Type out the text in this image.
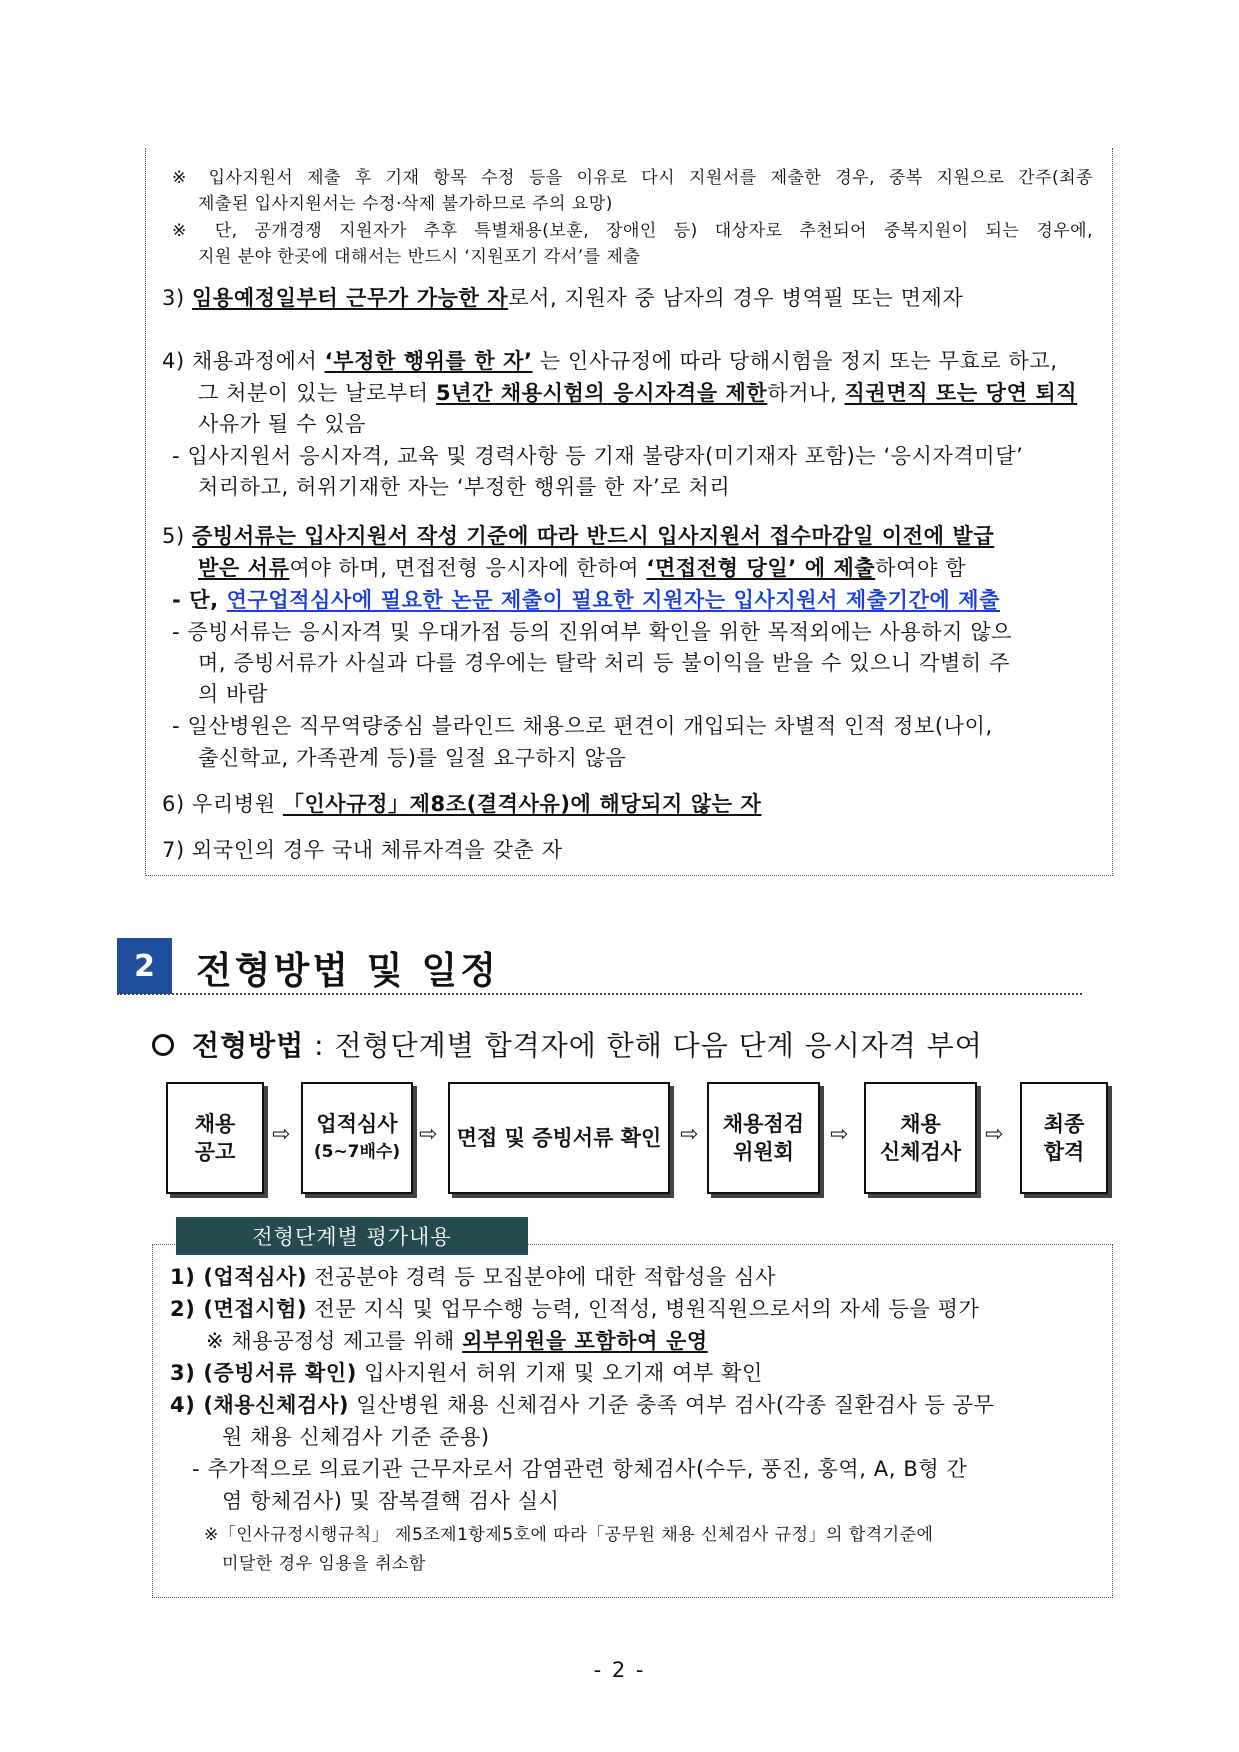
※ 입사지원서 제출 후 기재 항목 수정 등을 이유로 다시 지원서를 제출한 경우, 중복 지원으로 간주(최종
제출된 입사지원서는 수정·삭제 불가하므로 주의 요망)
※ 단, 공개경쟁 지원자가 추후 특별채용(보훈, 장애인 등) 대상자로 추천되어 중복지원이 되는 경우에,
지원 분야 한곳에 대해서는 반드시 ‘지원포기 각서’를 제출
3) 임용예정일부터 근무가 가능한 자로서, 지원자 중 남자의 경우 병역필 또는 면제자
4) 채용과정에서 ‘부정한 행위를 한 자’ 는 인사규정에 따라 당해시험을 정지 또는 무효로 하고,
그 처분이 있는 날로부터 5년간 채용시험의 응시자격을 제한하거나, 직권면직 또는 당연 퇴직
사유가 될 수 있음
- 입사지원서 응시자격, 교육 및 경력사항 등 기재 불량자(미기재자 포함)는 ‘응시자격미달’
처리하고, 허위기재한 자는 ‘부정한 행위를 한 자’로 처리
5) 증빙서류는 입사지원서 작성 기준에 따라 반드시 입사지원서 접수마감일 이전에 발급
받은 서류여야 하며, 면접전형 응시자에 한하여 ‘면접전형 당일’ 에 제출하여야 함
- 단, 연구업적심사에 필요한 논문 제출이 필요한 지원자는 입사지원서 제출기간에 제출
- 증빙서류는 응시자격 및 우대가점 등의 진위여부 확인을 위한 목적외에는 사용하지 않으
며, 증빙서류가 사실과 다를 경우에는 탈락 처리 등 불이익을 받을 수 있으니 각별히 주
의 바람
- 일산병원은 직무역량중심 블라인드 채용으로 편견이 개입되는 차별적 인적 정보(나이,
출신학교, 가족관계 등)를 일절 요구하지 않음
6) 우리병원 「인사규정」제8조(결격사유)에 해당되지 않는 자
7) 외국인의 경우 국내 체류자격을 갖춘 자
2	전형방법 및 일정
전형방법 : 전형단계별 합격자에 한해 다음 단계 응시자격 부여
채용
공고
⇨ 업적심사
(5~7배수)
⇨ 면접 및 증빙서류 확인 ⇨ 채용점검
위원회
⇨ 채용
신체검사
⇨ 최종
합격
전형단계별 평가내용
1) (업적심사) 전공분야 경력 등 모집분야에 대한 적합성을 심사
2) (면접시험) 전문 지식 및 업무수행 능력, 인적성, 병원직원으로서의 자세 등을 평가
※ 채용공정성 제고를 위해 외부위원을 포함하여 운영
3) (증빙서류 확인) 입사지원서 허위 기재 및 오기재 여부 확인
4) (채용신체검사) 일산병원 채용 신체검사 기준 충족 여부 검사(각종 질환검사 등 공무
원 채용 신체검사 기준 준용)
- 추가적으로 의료기관 근무자로서 감염관련 항체검사(수두, 풍진, 홍역, A, B형 간
염 항체검사) 및 잠복결핵 검사 실시
※「인사규정시행규칙」 제5조제1항제5호에 따라「공무원 채용 신체검사 규정」의 합격기준에
미달한 경우 임용을 취소함
- 2 -
